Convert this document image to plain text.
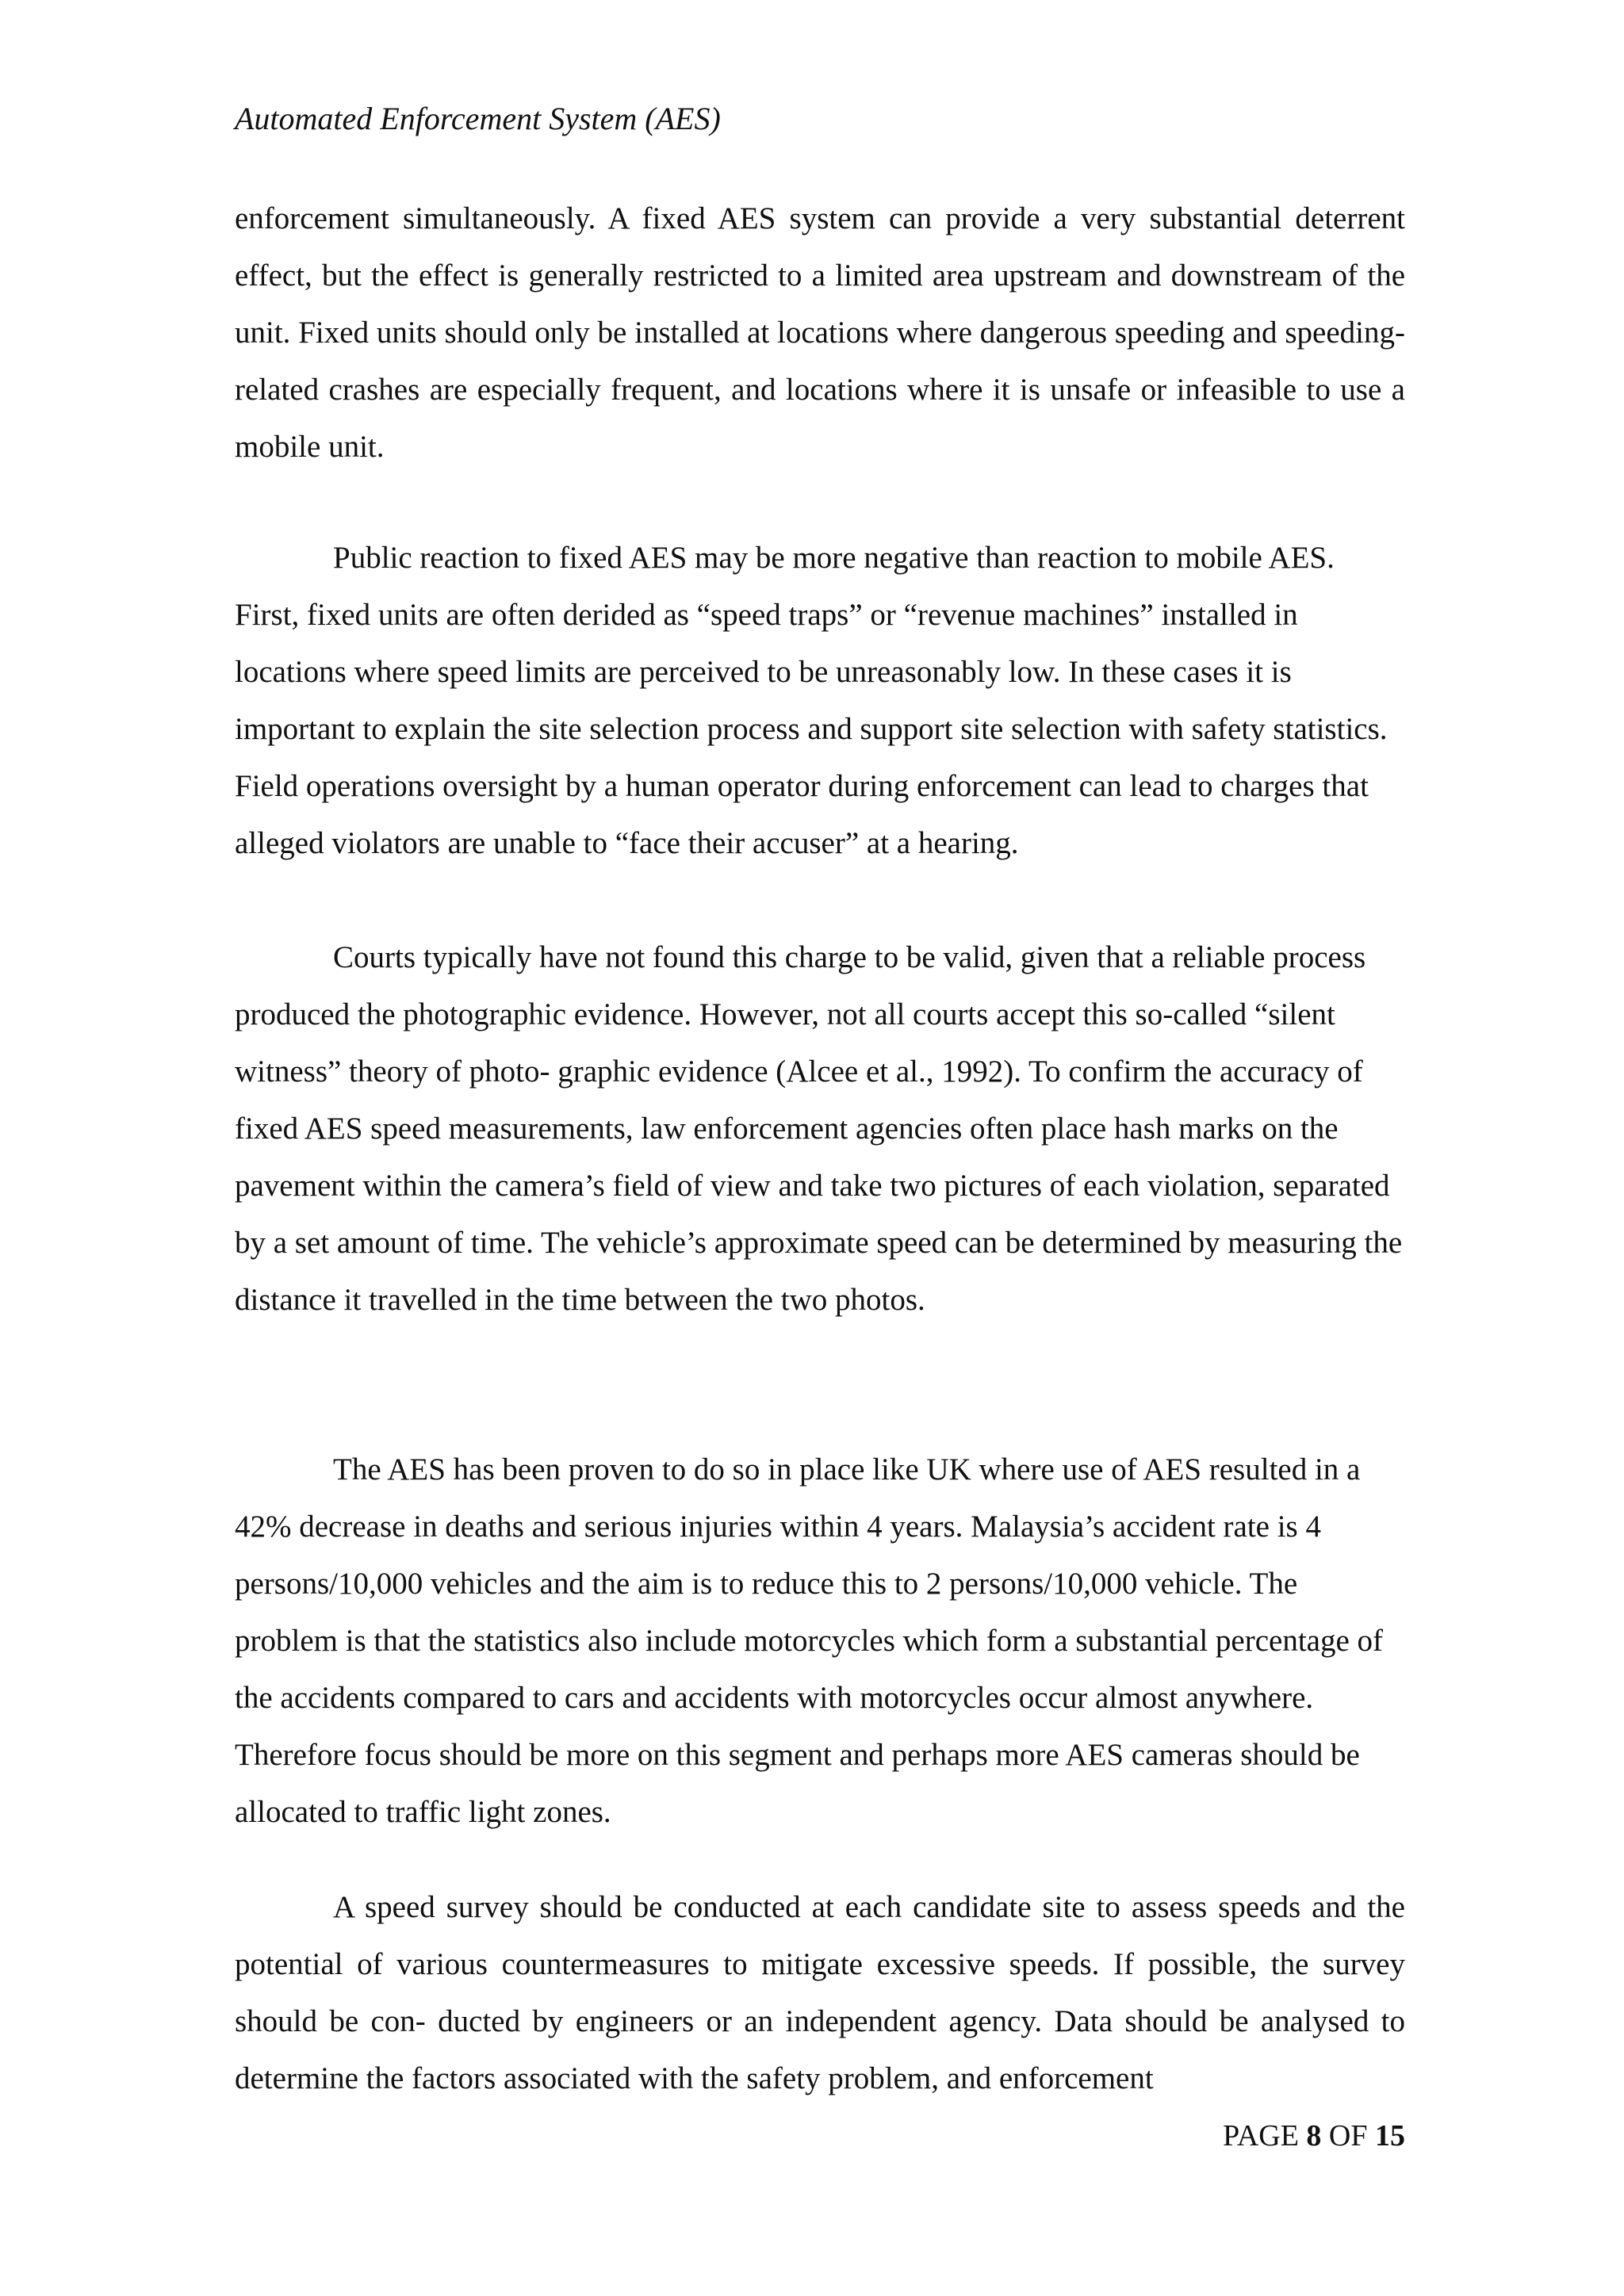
Automated Enforcement System (AES)

enforcement simultaneously. A fixed AES system can provide a very substantial deterrent effect, but the effect is generally restricted to a limited area upstream and downstream of the unit. Fixed units should only be installed at locations where dangerous speeding and speeding-related crashes are especially frequent, and locations where it is unsafe or infeasible to use a mobile unit.

Public reaction to fixed AES may be more negative than reaction to mobile AES. First, fixed units are often derided as “speed traps” or “revenue machines” installed in locations where speed limits are perceived to be unreasonably low. In these cases it is important to explain the site selection process and support site selection with safety statistics. Field operations oversight by a human operator during enforcement can lead to charges that alleged violators are unable to “face their accuser” at a hearing.

Courts typically have not found this charge to be valid, given that a reliable process produced the photographic evidence. However, not all courts accept this so-called “silent witness” theory of photo- graphic evidence (Alcee et al., 1992). To confirm the accuracy of fixed AES speed measurements, law enforcement agencies often place hash marks on the pavement within the camera’s field of view and take two pictures of each violation, separated by a set amount of time. The vehicle’s approximate speed can be determined by measuring the distance it travelled in the time between the two photos.

The AES has been proven to do so in place like UK where use of AES resulted in a 42% decrease in deaths and serious injuries within 4 years. Malaysia’s accident rate is 4 persons/10,000 vehicles and the aim is to reduce this to 2 persons/10,000 vehicle. The problem is that the statistics also include motorcycles which form a substantial percentage of the accidents compared to cars and accidents with motorcycles occur almost anywhere. Therefore focus should be more on this segment and perhaps more AES cameras should be allocated to traffic light zones.

A speed survey should be conducted at each candidate site to assess speeds and the potential of various countermeasures to mitigate excessive speeds. If possible, the survey should be con- ducted by engineers or an independent agency. Data should be analysed to determine the factors associated with the safety problem, and enforcement

PAGE 8 OF 15
